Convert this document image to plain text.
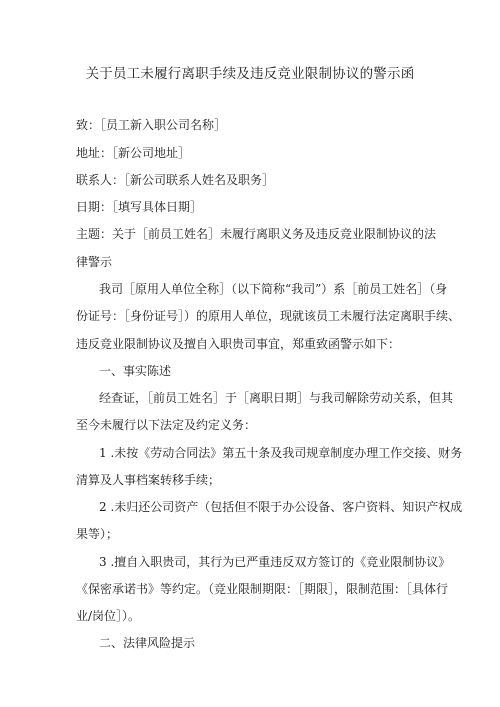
关于员工未履行离职手续及违反竞业限制协议的警示函
致：［员工新入职公司名称］
地址：［新公司地址］
联系人：［新公司联系人姓名及职务］
日期：［填写具体日期］
主题：关于［前员工姓名］未履行离职义务及违反竞业限制协议的法
律警示
我司［原用人单位全称］（以下简称“我司”）系［前员工姓名］（身
份证号：［身份证号］）的原用人单位，现就该员工未履行法定离职手续、
违反竞业限制协议及擅自入职贵司事宜，郑重致函警示如下：
一、事实陈述
经查证，［前员工姓名］于［离职日期］与我司解除劳动关系，但其
至今未履行以下法定及约定义务：
1 .未按《劳动合同法》第五十条及我司规章制度办理工作交接、财务
清算及人事档案转移手续；
2 .未归还公司资产（包括但不限于办公设备、客户资料、知识产权成
果等）；
3 .擅自入职贵司，其行为已严重违反双方签订的《竞业限制协议》
《保密承诺书》等约定。（竞业限制期限：［期限］，限制范围：［具体行
业/岗位］）。
二、法律风险提示
